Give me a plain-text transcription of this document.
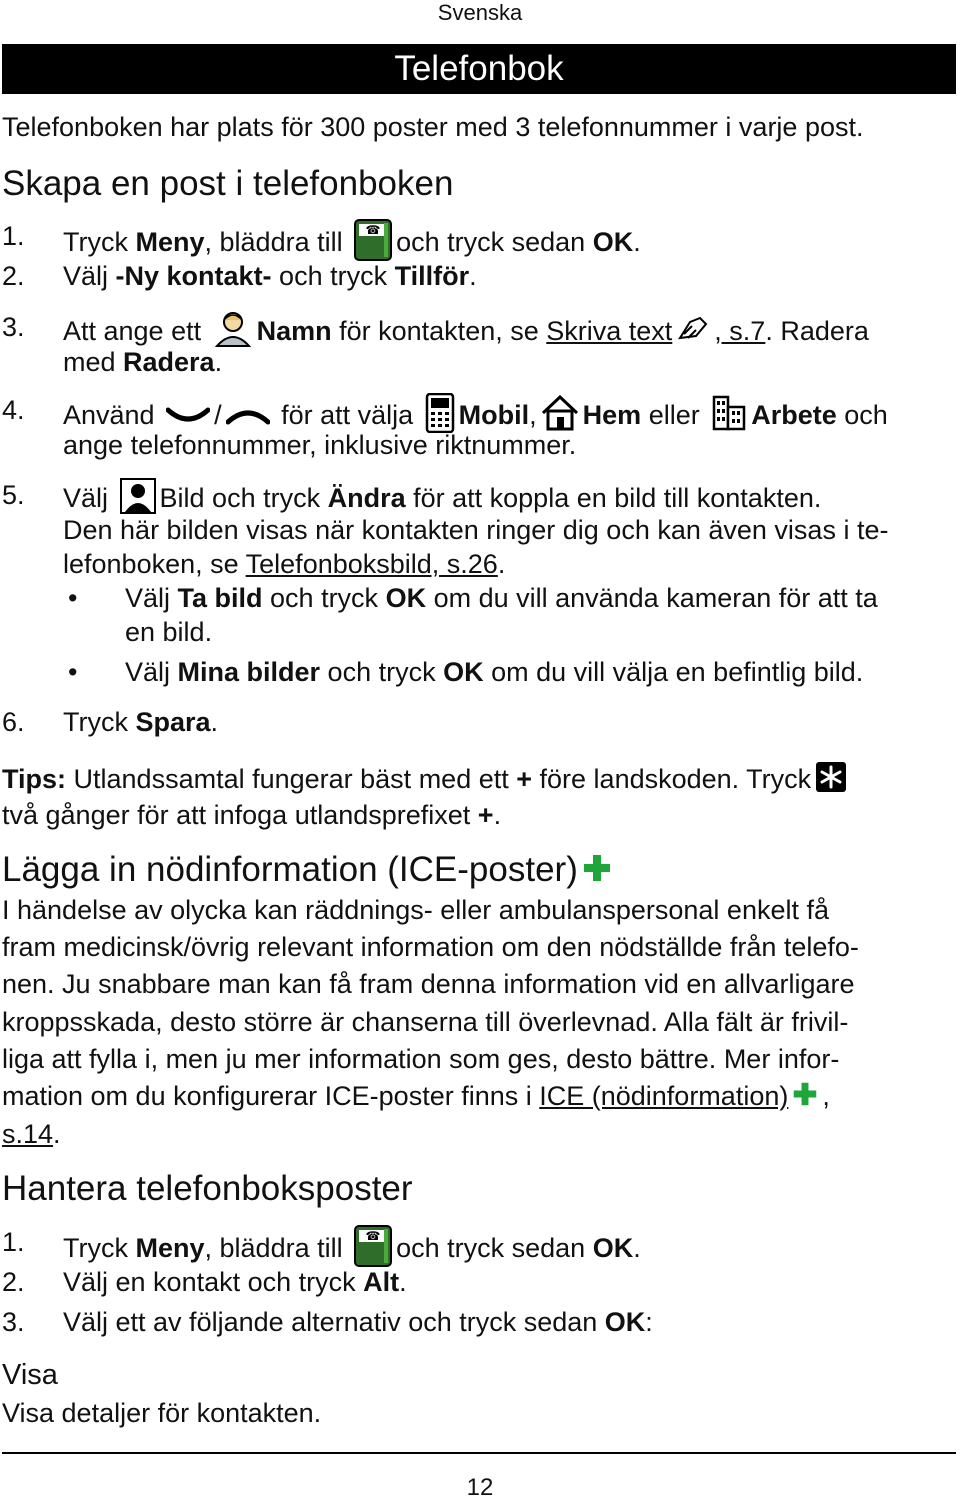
Svenska
Telefonbok
Telefonboken har plats för 300 poster med 3 telefonnummer i varje post.
Skapa en post i telefonboken
1. Tryck Meny, bläddra till ☎ och tryck sedan OK.
2. Välj -Ny kontakt- och tryck Tillför.
3. Att ange ett Namn för kontakten, se Skriva text , s.7. Radera
med Radera.
4. Använd / för att välja Mobil, Hem eller Arbete och
ange telefonnummer, inklusive riktnummer.
5. Välj Bild och tryck Ändra för att koppla en bild till kontakten.
Den här bilden visas när kontakten ringer dig och kan även visas i te-
lefonboken, se Telefonboksbild, s.26.
• Välj Ta bild och tryck OK om du vill använda kameran för att ta
en bild.
• Välj Mina bilder och tryck OK om du vill välja en befintlig bild.
6. Tryck Spara.
Tips: Utlandssamtal fungerar bäst med ett + före landskoden. Tryck
två gånger för att infoga utlandsprefixet +.
Lägga in nödinformation (ICE-poster)
I händelse av olycka kan räddnings- eller ambulanspersonal enkelt få
fram medicinsk/övrig relevant information om den nödställde från telefo-
nen. Ju snabbare man kan få fram denna information vid en allvarligare
kroppsskada, desto större är chanserna till överlevnad. Alla fält är frivil-
liga att fylla i, men ju mer information som ges, desto bättre. Mer infor-
mation om du konfigurerar ICE-poster finns i ICE (nödinformation) ,
s.14.
Hantera telefonboksposter
1. Tryck Meny, bläddra till ☎ och tryck sedan OK.
2. Välj en kontakt och tryck Alt.
3. Välj ett av följande alternativ och tryck sedan OK:
Visa
Visa detaljer för kontakten.
12
